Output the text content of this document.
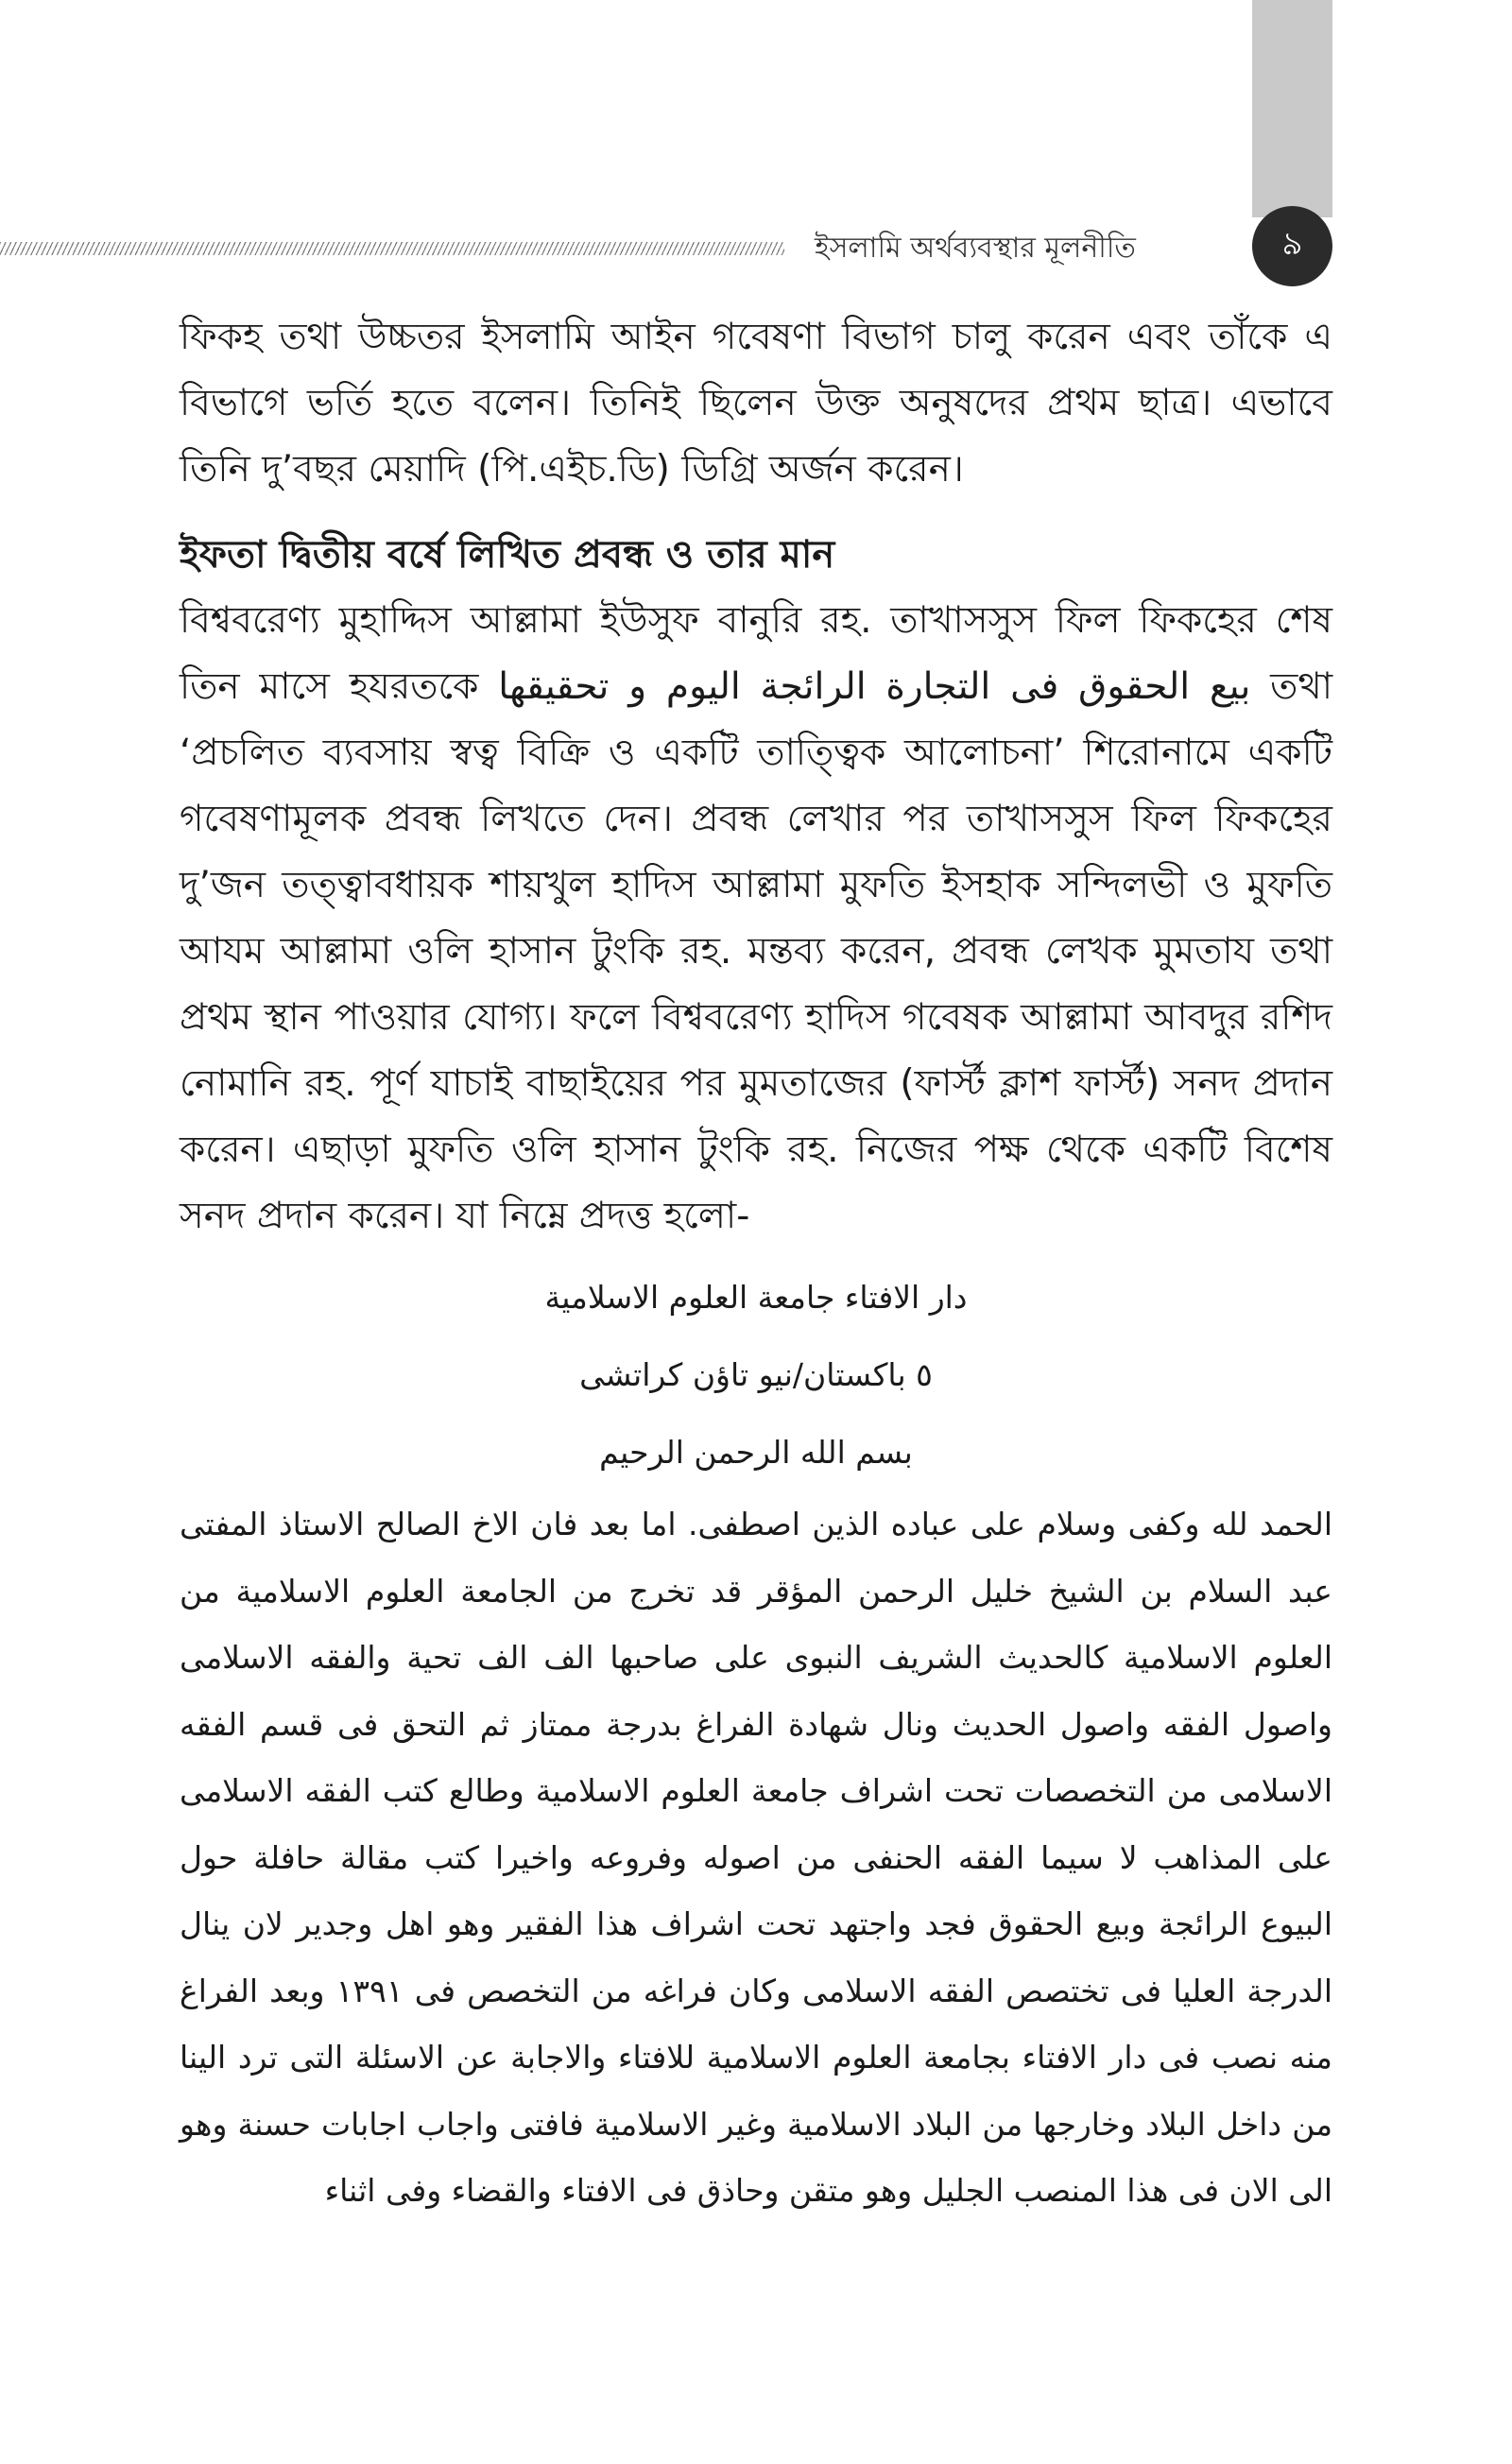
ইসলামি অর্থব্যবস্থার মূলনীতি	৯

ফিকহ তথা উচ্চতর ইসলামি আইন গবেষণা বিভাগ চালু করেন এবং তাঁকে এ বিভাগে ভর্তি হতে বলেন। তিনিই ছিলেন উক্ত অনুষদের প্রথম ছাত্র। এভাবে তিনি দু’বছর মেয়াদি (পি.এইচ.ডি) ডিগ্রি অর্জন করেন।

ইফতা দ্বিতীয় বর্ষে লিখিত প্রবন্ধ ও তার মান

বিশ্ববরেণ্য মুহাদ্দিস আল্লামা ইউসুফ বানুরি রহ. তাখাসসুস ফিল ফিকহের শেষ তিন মাসে হযরতকে بيع الحقوق فى التجارة الرائجة اليوم و تحقيقها তথা ‘প্রচলিত ব্যবসায় স্বত্ব বিক্রি ও একটি তাত্ত্বিক আলোচনা’ শিরোনামে একটি গবেষণামূলক প্রবন্ধ লিখতে দেন। প্রবন্ধ লেখার পর তাখাসসুস ফিল ফিকহের দু’জন তত্ত্বাবধায়ক শায়খুল হাদিস আল্লামা মুফতি ইসহাক সন্দিলভী ও মুফতি আযম আল্লামা ওলি হাসান টুংকি রহ. মন্তব্য করেন, প্রবন্ধ লেখক মুমতায তথা প্রথম স্থান পাওয়ার যোগ্য। ফলে বিশ্ববরেণ্য হাদিস গবেষক আল্লামা আবদুর রশিদ নোমানি রহ. পূর্ণ যাচাই বাছাইয়ের পর মুমতাজের (ফার্স্ট ক্লাশ ফার্স্ট) সনদ প্রদান করেন। এছাড়া মুফতি ওলি হাসান টুংকি রহ. নিজের পক্ষ থেকে একটি বিশেষ সনদ প্রদান করেন। যা নিম্নে প্রদত্ত হলো-

دار الافتاء جامعة العلوم الاسلامية

٥ باكستان/نيو تاؤن كراتشى

بسم الله الرحمن الرحيم

الحمد لله وكفى وسلام على عباده الذين اصطفى. اما بعد فان الاخ الصالح الاستاذ المفتى عبد السلام بن الشيخ خليل الرحمن المؤقر قد تخرج من الجامعة العلوم الاسلامية من العلوم الاسلامية كالحديث الشريف النبوى على صاحبها الف الف تحية والفقه الاسلامى واصول الفقه واصول الحديث ونال شهادة الفراغ بدرجة ممتاز ثم التحق فى قسم الفقه الاسلامى من التخصصات تحت اشراف جامعة العلوم الاسلامية وطالع كتب الفقه الاسلامى على المذاهب لا سيما الفقه الحنفى من اصوله وفروعه واخيرا كتب مقالة حافلة حول البيوع الرائجة وبيع الحقوق فجد واجتهد تحت اشراف هذا الفقير وهو اهل وجدير لان ينال الدرجة العليا فى تختصص الفقه الاسلامى وكان فراغه من التخصص فى ١٣٩١ وبعد الفراغ منه نصب فى دار الافتاء بجامعة العلوم الاسلامية للافتاء والاجابة عن الاسئلة التى ترد الينا من داخل البلاد وخارجها من البلاد الاسلامية وغير الاسلامية فافتى واجاب اجابات حسنة وهو الى الان فى هذا المنصب الجليل وهو متقن وحاذق فى الافتاء والقضاء وفى اثناء
